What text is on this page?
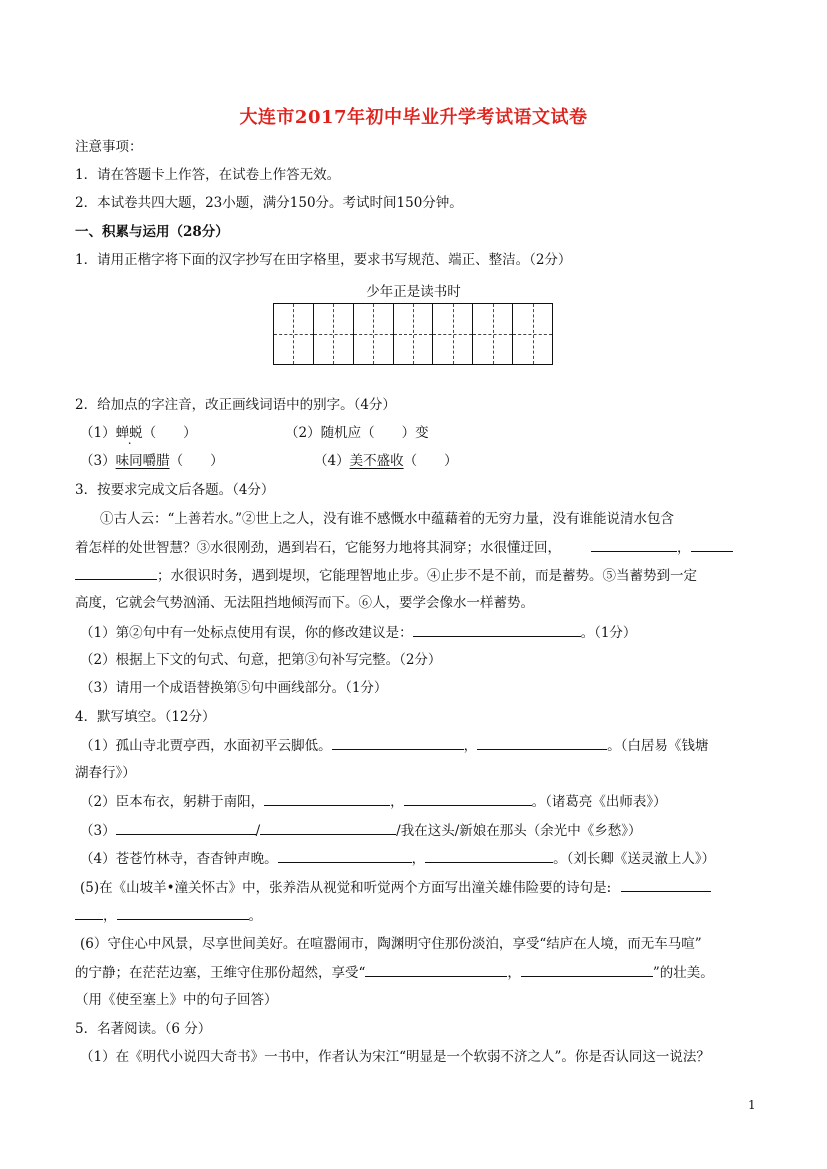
大连市2017年初中毕业升学考试语文试卷
注意事项：
1．请在答题卡上作答，在试卷上作答无效。
2．本试卷共四大题，23小题，满分150分。考试时间150分钟。
一、积累与运用（28分）
1．请用正楷字将下面的汉字抄写在田字格里，要求书写规范、端正、整洁。（2分）
少年正是读书时
2．给加点的字注音，改正画线词语中的别字。（4分）
（1）蝉蜕（　　）	（2）随机应（　　）变
（3）味同嚼腊（　　）	（4）美不盛收（　　）
3．按要求完成文后各题。（4分）
①古人云：“上善若水。”②世上之人，没有谁不感慨水中蕴藉着的无穷力量，没有谁能说清水包含
着怎样的处世智慧？③水很刚劲，遇到岩石，它能努力地将其洞穿；水很懂迂回，	，
；水很识时务，遇到堤坝，它能理智地止步。④止步不是不前，而是蓄势。⑤当蓄势到一定
高度，它就会气势汹涌、无法阻挡地倾泻而下。⑥人，要学会像水一样蓄势。
（1）第②句中有一处标点使用有误，你的修改建议是：	。（1分）
（2）根据上下文的句式、句意，把第③句补写完整。（2分）
（3）请用一个成语替换第⑤句中画线部分。（1分）
4．默写填空。（12分）
（1）孤山寺北贾亭西，水面初平云脚低。	，	。（白居易《钱塘
湖春行》）
（2）臣本布衣，躬耕于南阳，	，	。（诸葛亮《出师表》）
（3）	/	/我在这头/新娘在那头（余光中《乡愁》）
（4）苍苍竹林寺，杳杳钟声晚。	，	。（刘长卿《送灵澈上人》）
(5)在《山坡羊•潼关怀古》中，张养浩从视觉和听觉两个方面写出潼关雄伟险要的诗句是:
，	。
(6）守住心中风景，尽享世间美好。在喧嚣闹市，陶渊明守住那份淡泊，享受“结庐在人境，而无车马喧”
的宁静；在茫茫边塞，王维守住那份超然，享受“	，	”的壮美。
（用《使至塞上》中的句子回答）
5．名著阅读。（6 分）
（1）在《明代小说四大奇书》一书中，作者认为宋江“明显是一个软弱不济之人”。你是否认同这一说法？
1
